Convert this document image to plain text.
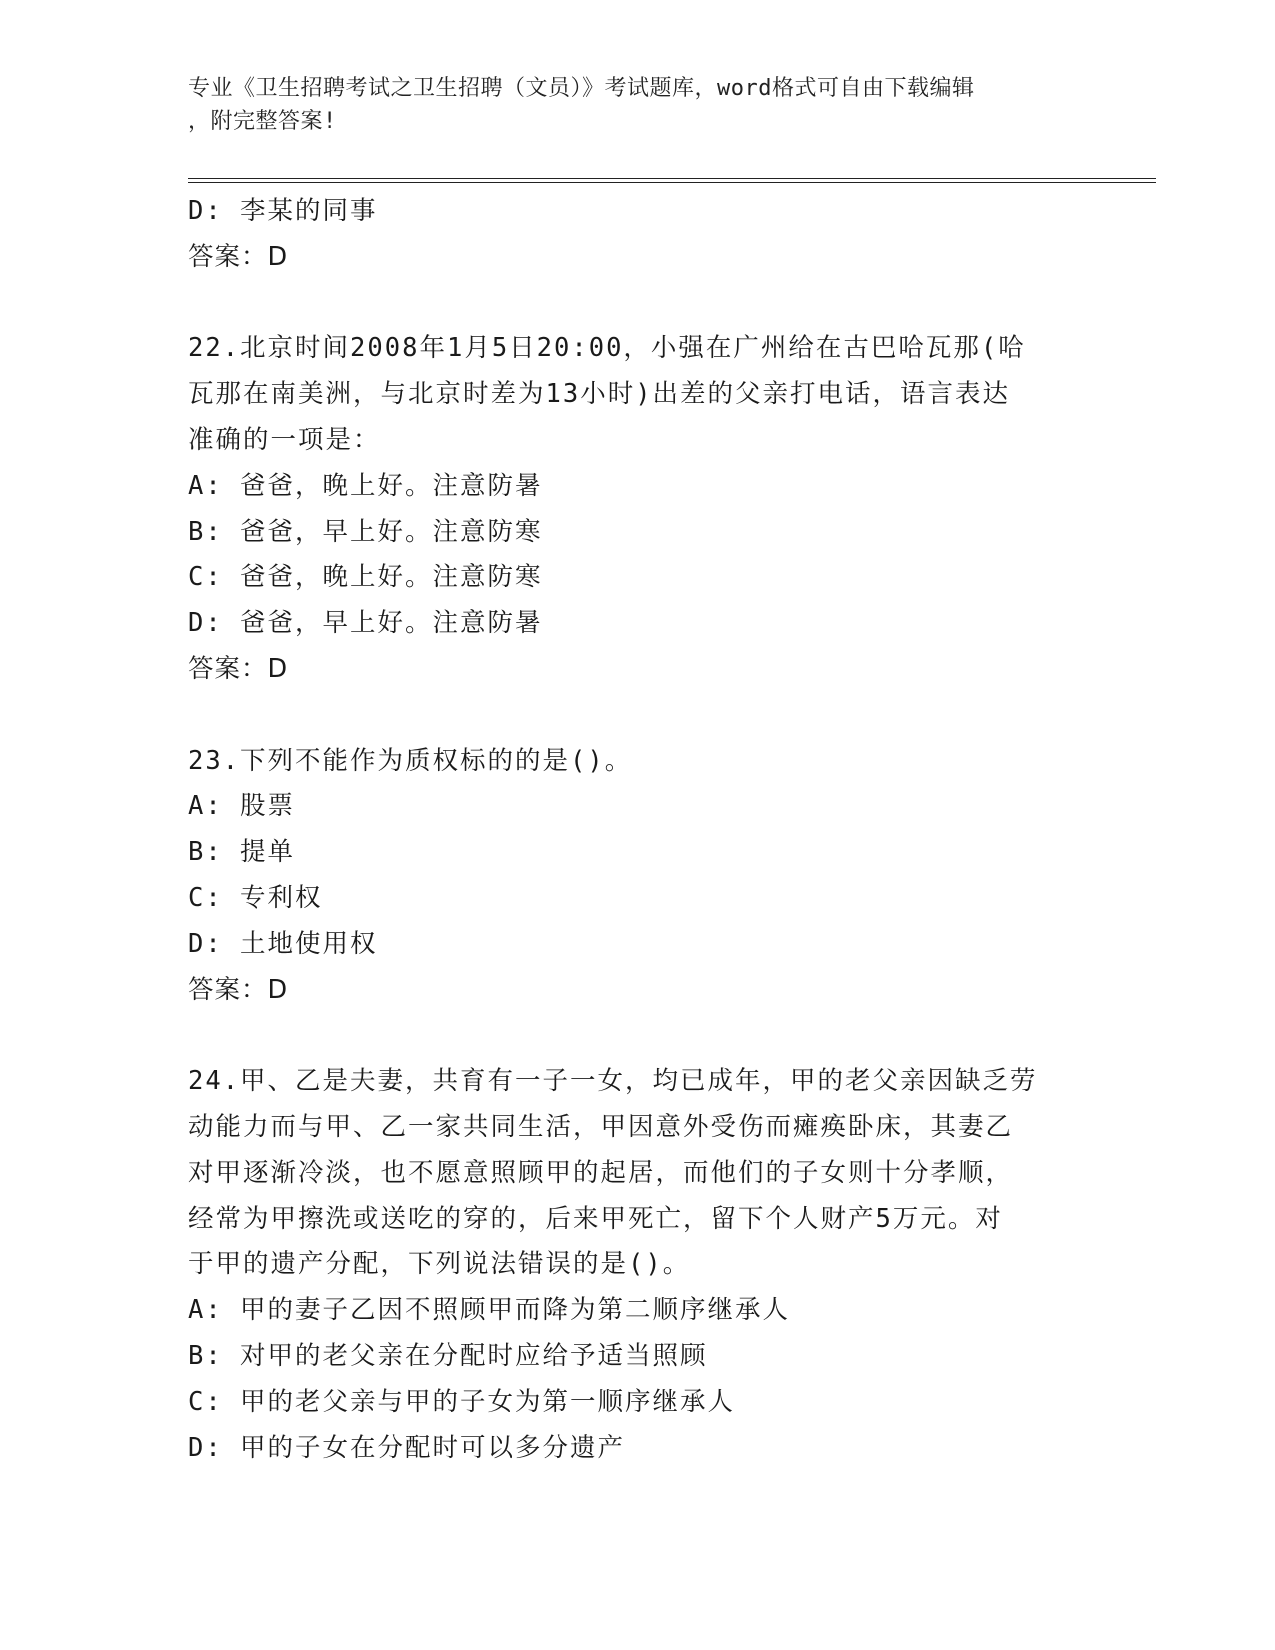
专业《卫生招聘考试之卫生招聘（文员）》考试题库，word格式可自由下载编辑
，附完整答案!
D: 李某的同事
答案：D
22.北京时间2008年1月5日20:00，小强在广州给在古巴哈瓦那(哈
瓦那在南美洲，与北京时差为13小时)出差的父亲打电话，语言表达
准确的一项是：
A: 爸爸，晚上好。注意防暑
B: 爸爸，早上好。注意防寒
C: 爸爸，晚上好。注意防寒
D: 爸爸，早上好。注意防暑
答案：D
23.下列不能作为质权标的的是()。
A: 股票
B: 提单
C: 专利权
D: 土地使用权
答案：D
24.甲、乙是夫妻，共育有一子一女，均已成年，甲的老父亲因缺乏劳
动能力而与甲、乙一家共同生活，甲因意外受伤而瘫痪卧床，其妻乙
对甲逐渐冷淡，也不愿意照顾甲的起居，而他们的子女则十分孝顺，
经常为甲擦洗或送吃的穿的，后来甲死亡，留下个人财产5万元。对
于甲的遗产分配，下列说法错误的是()。
A: 甲的妻子乙因不照顾甲而降为第二顺序继承人
B: 对甲的老父亲在分配时应给予适当照顾
C: 甲的老父亲与甲的子女为第一顺序继承人
D: 甲的子女在分配时可以多分遗产
